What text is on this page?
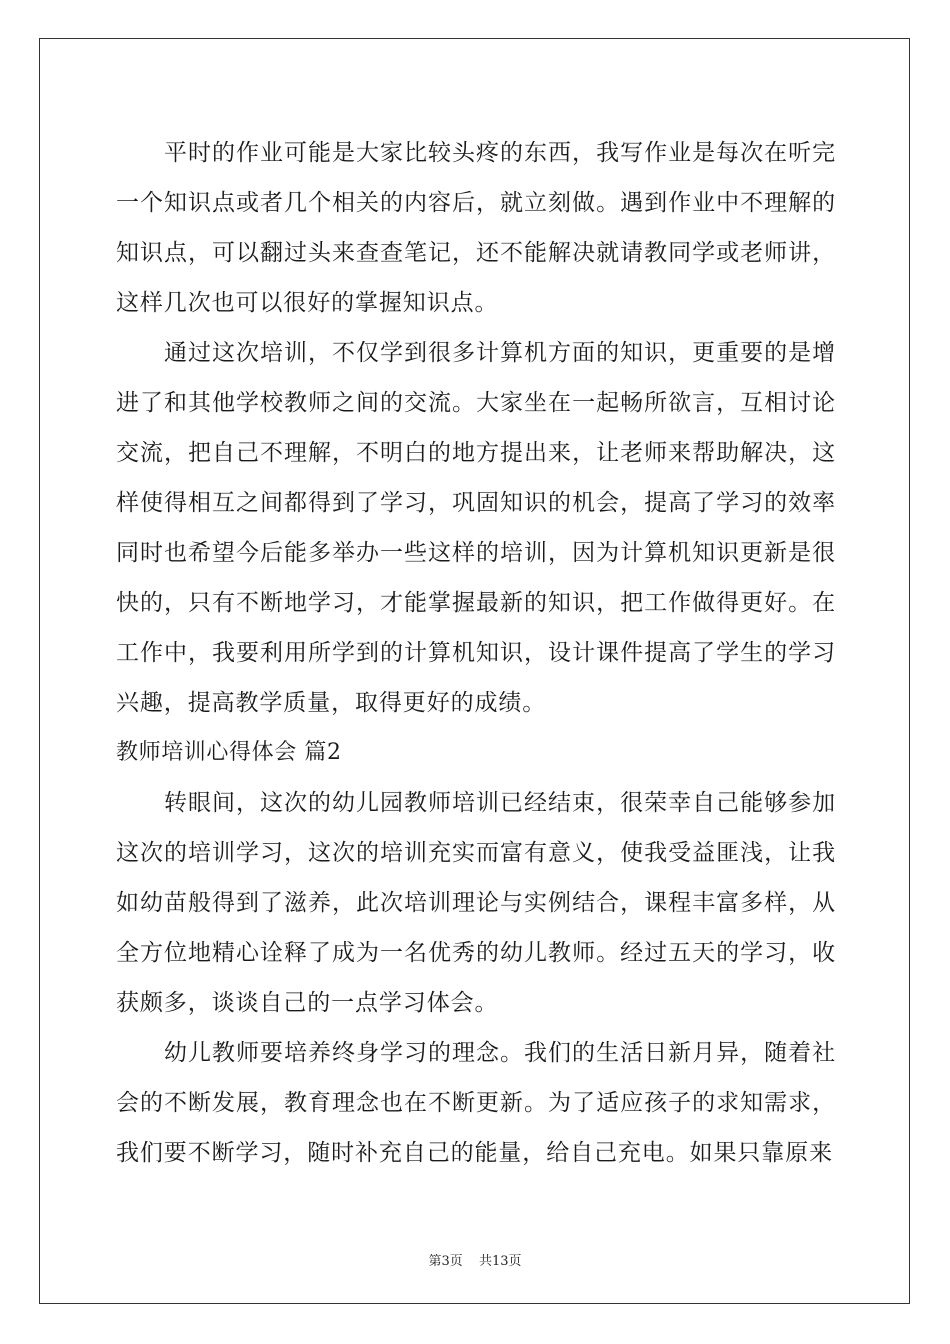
平时的作业可能是大家比较头疼的东西，我写作业是每次在听完一个知识点或者几个相关的内容后，就立刻做。遇到作业中不理解的知识点，可以翻过头来查查笔记，还不能解决就请教同学或老师讲，这样几次也可以很好的掌握知识点。

通过这次培训，不仅学到很多计算机方面的知识，更重要的是增进了和其他学校教师之间的交流。大家坐在一起畅所欲言，互相讨论交流，把自己不理解，不明白的地方提出来，让老师来帮助解决，这样使得相互之间都得到了学习，巩固知识的机会，提高了学习的效率同时也希望今后能多举办一些这样的培训，因为计算机知识更新是很快的，只有不断地学习，才能掌握最新的知识，把工作做得更好。在工作中，我要利用所学到的计算机知识，设计课件提高了学生的学习兴趣，提高教学质量，取得更好的成绩。

教师培训心得体会 篇2

转眼间，这次的幼儿园教师培训已经结束，很荣幸自己能够参加这次的培训学习，这次的培训充实而富有意义，使我受益匪浅，让我如幼苗般得到了滋养，此次培训理论与实例结合，课程丰富多样，从全方位地精心诠释了成为一名优秀的幼儿教师。经过五天的学习，收获颇多，谈谈自己的一点学习体会。

幼儿教师要培养终身学习的理念。我们的生活日新月异，随着社会的不断发展，教育理念也在不断更新。为了适应孩子的求知需求，我们要不断学习，随时补充自己的能量，给自己充电。如果只靠原来

第3页 共13页
